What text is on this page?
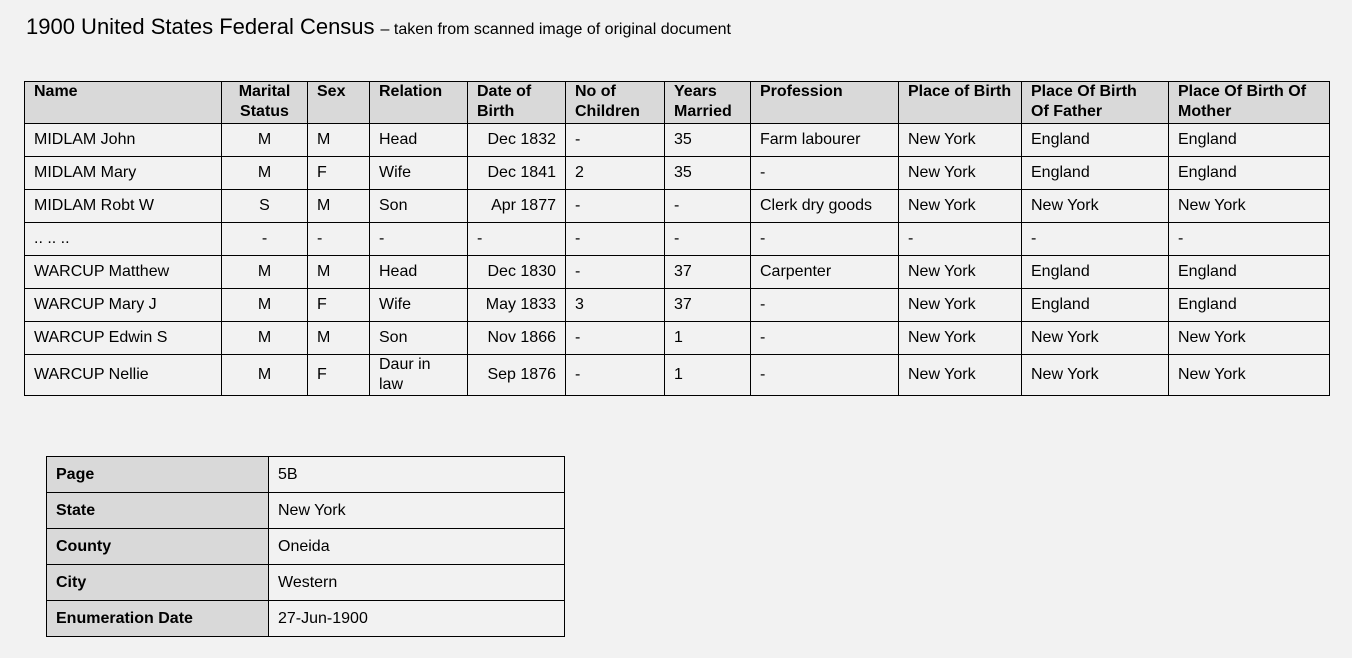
1900 United States Federal Census – taken from scanned image of original document
Name	Marital Status	Sex	Relation	Date of Birth	No of Children	Years Married	Profession	Place of Birth	Place Of Birth Of Father	Place Of Birth Of Mother
MIDLAM John	M	M	Head	Dec 1832	-	35	Farm labourer	New York	England	England
MIDLAM Mary	M	F	Wife	Dec 1841	2	35	-	New York	England	England
MIDLAM Robt W	S	M	Son	Apr 1877	-	-	Clerk dry goods	New York	New York	New York
.. .. ..	-	-	-	-	-	-	-	-	-	-
WARCUP Matthew	M	M	Head	Dec 1830	-	37	Carpenter	New York	England	England
WARCUP Mary J	M	F	Wife	May 1833	3	37	-	New York	England	England
WARCUP Edwin S	M	M	Son	Nov 1866	-	1	-	New York	New York	New York
WARCUP Nellie	M	F	Daur in law	Sep 1876	-	1	-	New York	New York	New York
Page	5B
State	New York
County	Oneida
City	Western
Enumeration Date	27-Jun-1900
